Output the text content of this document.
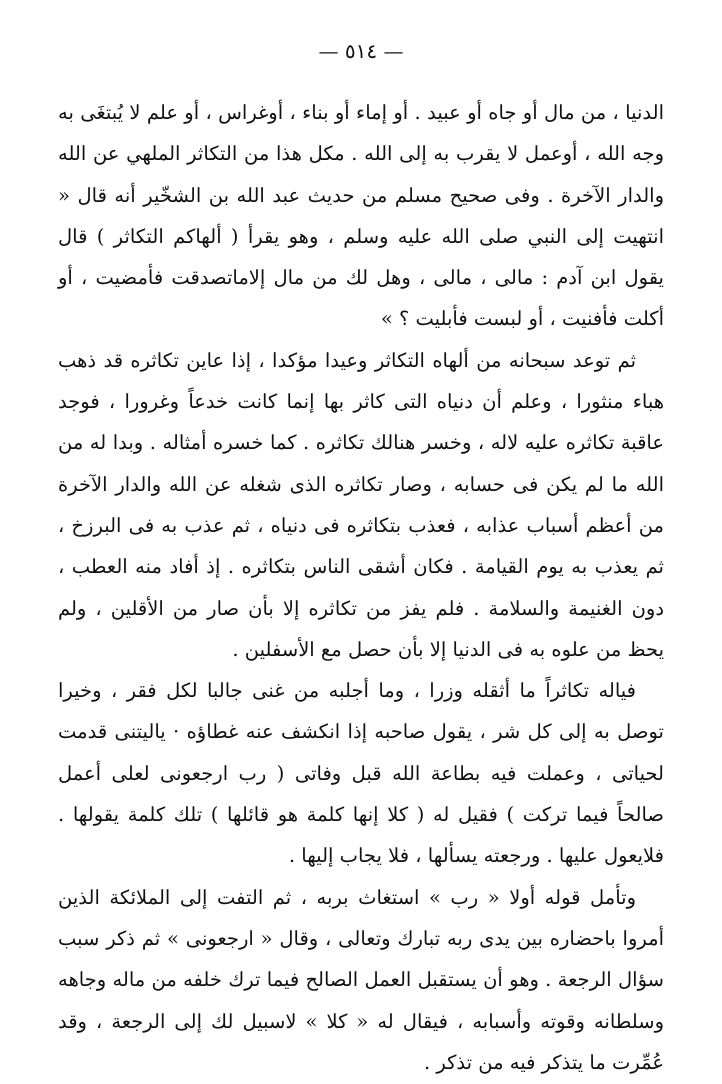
— ٥١٤ —

الدنيا ، من مال أو جاه أو عبيد . أو إماء أو بناء ، أوغراس ، أو علم لا يُبتغَى به وجه الله ، أوعمل لا يقرب به إلى الله . مكل هذا من التكاثر الملهي عن الله والدار الآخرة . وفى صحيح مسلم من حديث عبد الله بن الشخّير أنه قال « انتهيت إلى النبي صلى الله عليه وسلم ، وهو يقرأ ( ألهاكم التكاثر ) قال يقول ابن آدم : مالى ، مالى ، وهل لك من مال إلاماتصدقت فأمضيت ، أو أكلت فأفنيت ، أو لبست فأبليت ؟ »

ثم توعد سبحانه من ألهاه التكاثر وعيدا مؤكدا ، إذا عاين تكاثره قد ذهب هباء منثورا ، وعلم أن دنياه التى كاثر بها إنما كانت خدعاً وغرورا ، فوجد عاقبة تكاثره عليه لاله ، وخسر هنالك تكاثره . كما خسره أمثاله . وبدا له من الله ما لم يكن فى حسابه ، وصار تكاثره الذى شغله عن الله والدار الآخرة من أعظم أسباب عذابه ، فعذب بتكاثره فى دنياه ، ثم عذب به فى البرزخ ، ثم يعذب به يوم القيامة . فكان أشقى الناس بتكاثره . إذ أفاد منه العطب ، دون الغنيمة والسلامة . فلم يفز من تكاثره إلا بأن صار من الأقلين ، ولم يحظ من علوه به فى الدنيا إلا بأن حصل مع الأسفلين .

فياله تكاثراً ما أثقله وزرا ، وما أجلبه من غنى جالبا لكل فقر ، وخيرا توصل به إلى كل شر ، يقول صاحبه إذا انكشف عنه غطاؤه · ياليتنى قدمت لحياتى ، وعملت فيه بطاعة الله قبل وفاتى ( رب ارجعونى لعلى أعمل صالحاً فيما تركت ) فقيل له ( كلا إنها كلمة هو قائلها ) تلك كلمة يقولها . فلايعول عليها . ورجعته يسألها ، فلا يجاب إليها .

وتأمل قوله أولا « رب » استغاث بربه ، ثم التفت إلى الملائكة الذين أمروا باحضاره بين يدى ربه تبارك وتعالى ، وقال « ارجعونى » ثم ذكر سبب سؤال الرجعة . وهو أن يستقبل العمل الصالح فيما ترك خلفه من ماله وجاهه وسلطانه وقوته وأسبابه ، فيقال له « كلا » لاسبيل لك إلى الرجعة ، وقد عُمِّرت ما يتذكر فيه من تذكر .
